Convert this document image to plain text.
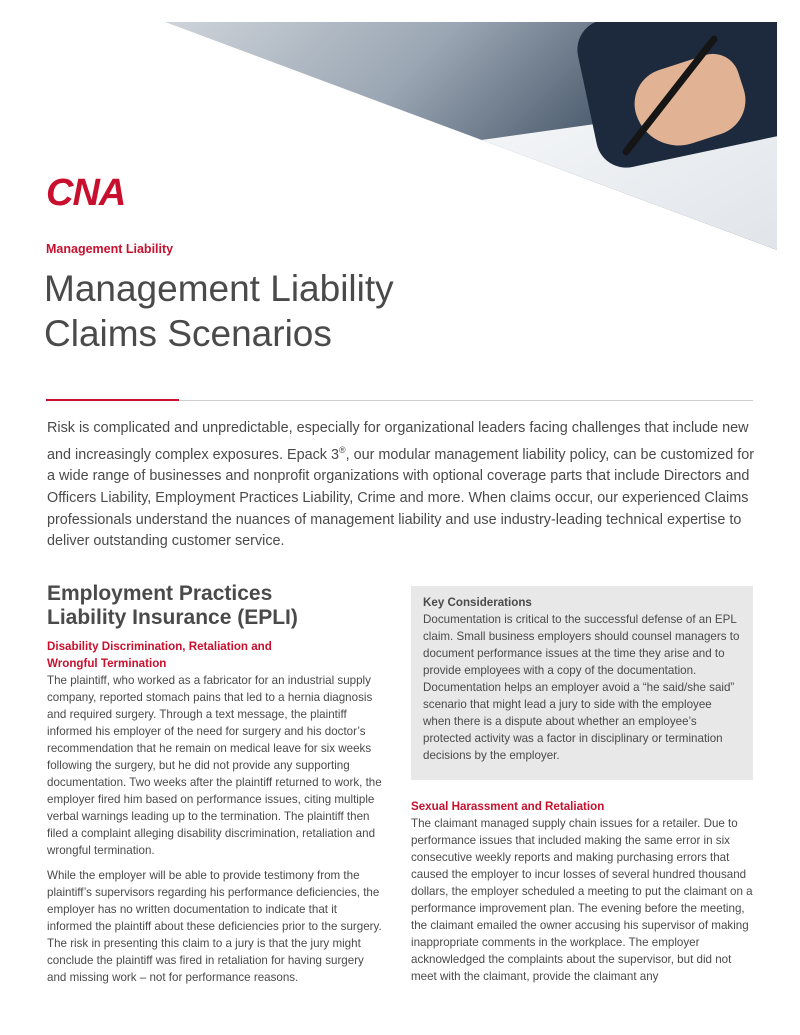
CNA
Management Liability
Management Liability
Claims Scenarios

Risk is complicated and unpredictable, especially for organizational leaders facing challenges that include new and increasingly complex exposures. Epack 3®, our modular management liability policy, can be customized for a wide range of businesses and nonprofit organizations with optional coverage parts that include Directors and Officers Liability, Employment Practices Liability, Crime and more. When claims occur, our experienced Claims professionals understand the nuances of management liability and use industry-leading technical expertise to deliver outstanding customer service.

Employment Practices
Liability Insurance (EPLI)
Disability Discrimination, Retaliation and
Wrongful Termination

The plaintiff, who worked as a fabricator for an industrial supply company, reported stomach pains that led to a hernia diagnosis and required surgery. Through a text message, the plaintiff informed his employer of the need for surgery and his doctor’s recommendation that he remain on medical leave for six weeks following the surgery, but he did not provide any supporting documentation. Two weeks after the plaintiff returned to work, the employer fired him based on performance issues, citing multiple verbal warnings leading up to the termination. The plaintiff then filed a complaint alleging disability discrimination, retaliation and wrongful termination.

While the employer will be able to provide testimony from the plaintiff’s supervisors regarding his performance deficiencies, the employer has no written documentation to indicate that it informed the plaintiff about these deficiencies prior to the surgery. The risk in presenting this claim to a jury is that the jury might conclude the plaintiff was fired in retaliation for having surgery and missing work – not for performance reasons.

Key Considerations

Documentation is critical to the successful defense of an EPL claim. Small business employers should counsel managers to document performance issues at the time they arise and to provide employees with a copy of the documentation. Documentation helps an employer avoid a “he said/she said” scenario that might lead a jury to side with the employee when there is a dispute about whether an employee’s protected activity was a factor in disciplinary or termination decisions by the employer.

Sexual Harassment and Retaliation

The claimant managed supply chain issues for a retailer. Due to performance issues that included making the same error in six consecutive weekly reports and making purchasing errors that caused the employer to incur losses of several hundred thousand dollars, the employer scheduled a meeting to put the claimant on a performance improvement plan. The evening before the meeting, the claimant emailed the owner accusing his supervisor of making inappropriate comments in the workplace. The employer acknowledged the complaints about the supervisor, but did not meet with the claimant, provide the claimant any
